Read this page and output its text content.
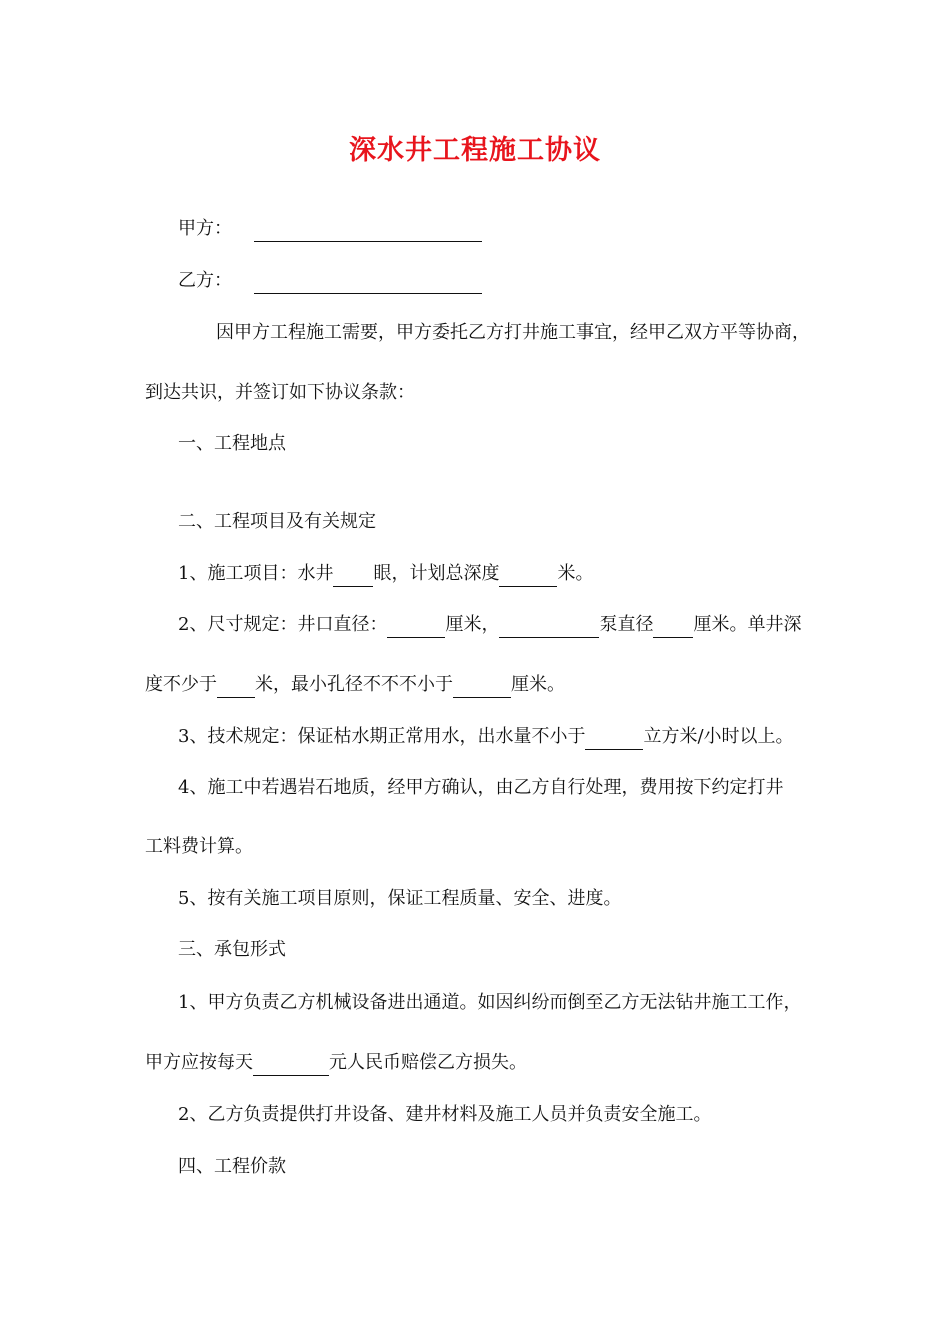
深水井工程施工协议
甲方：
乙方：
因甲方工程施工需要，甲方委托乙方打井施工事宜，经甲乙双方平等协商，
到达共识，并签订如下协议条款：
一、工程地点
二、工程项目及有关规定
1、施工项目：水井 眼，计划总深度	米。
2、尺寸规定：井口直径：	厘米，	泵直径 厘米。单井深
度不少于 米，最小孔径不不不小于	厘米。
3、技术规定：保证枯水期正常用水，出水量不小于	立方米/小时以上。
4、施工中若遇岩石地质，经甲方确认，由乙方自行处理，费用按下约定打井
工料费计算。
5、按有关施工项目原则，保证工程质量、安全、进度。
三、承包形式
1、甲方负责乙方机械设备进出通道。如因纠纷而倒至乙方无法钻井施工工作，
甲方应按每天	元人民币赔偿乙方损失。
2、乙方负责提供打井设备、建井材料及施工人员并负责安全施工。
四、工程价款
